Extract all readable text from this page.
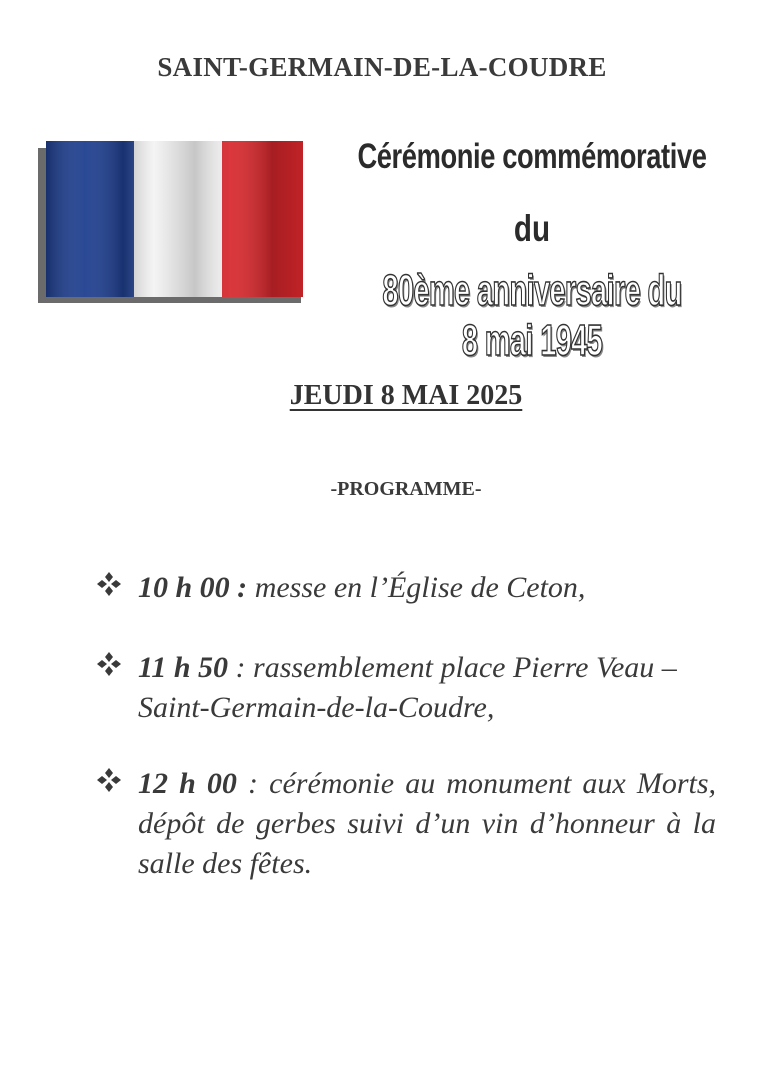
SAINT-GERMAIN-DE-LA-COUDRE
Cérémonie commémorative
du
80ème anniversaire du 8 mai 1945
JEUDI 8 MAI 2025
-PROGRAMME-
10 h 00 : messe en l’Église de Ceton,
11 h 50 : rassemblement place Pierre Veau – Saint-Germain-de-la-Coudre,
12 h 00 : cérémonie au monument aux Morts, dépôt de gerbes suivi d’un vin d’honneur à la salle des fêtes.
